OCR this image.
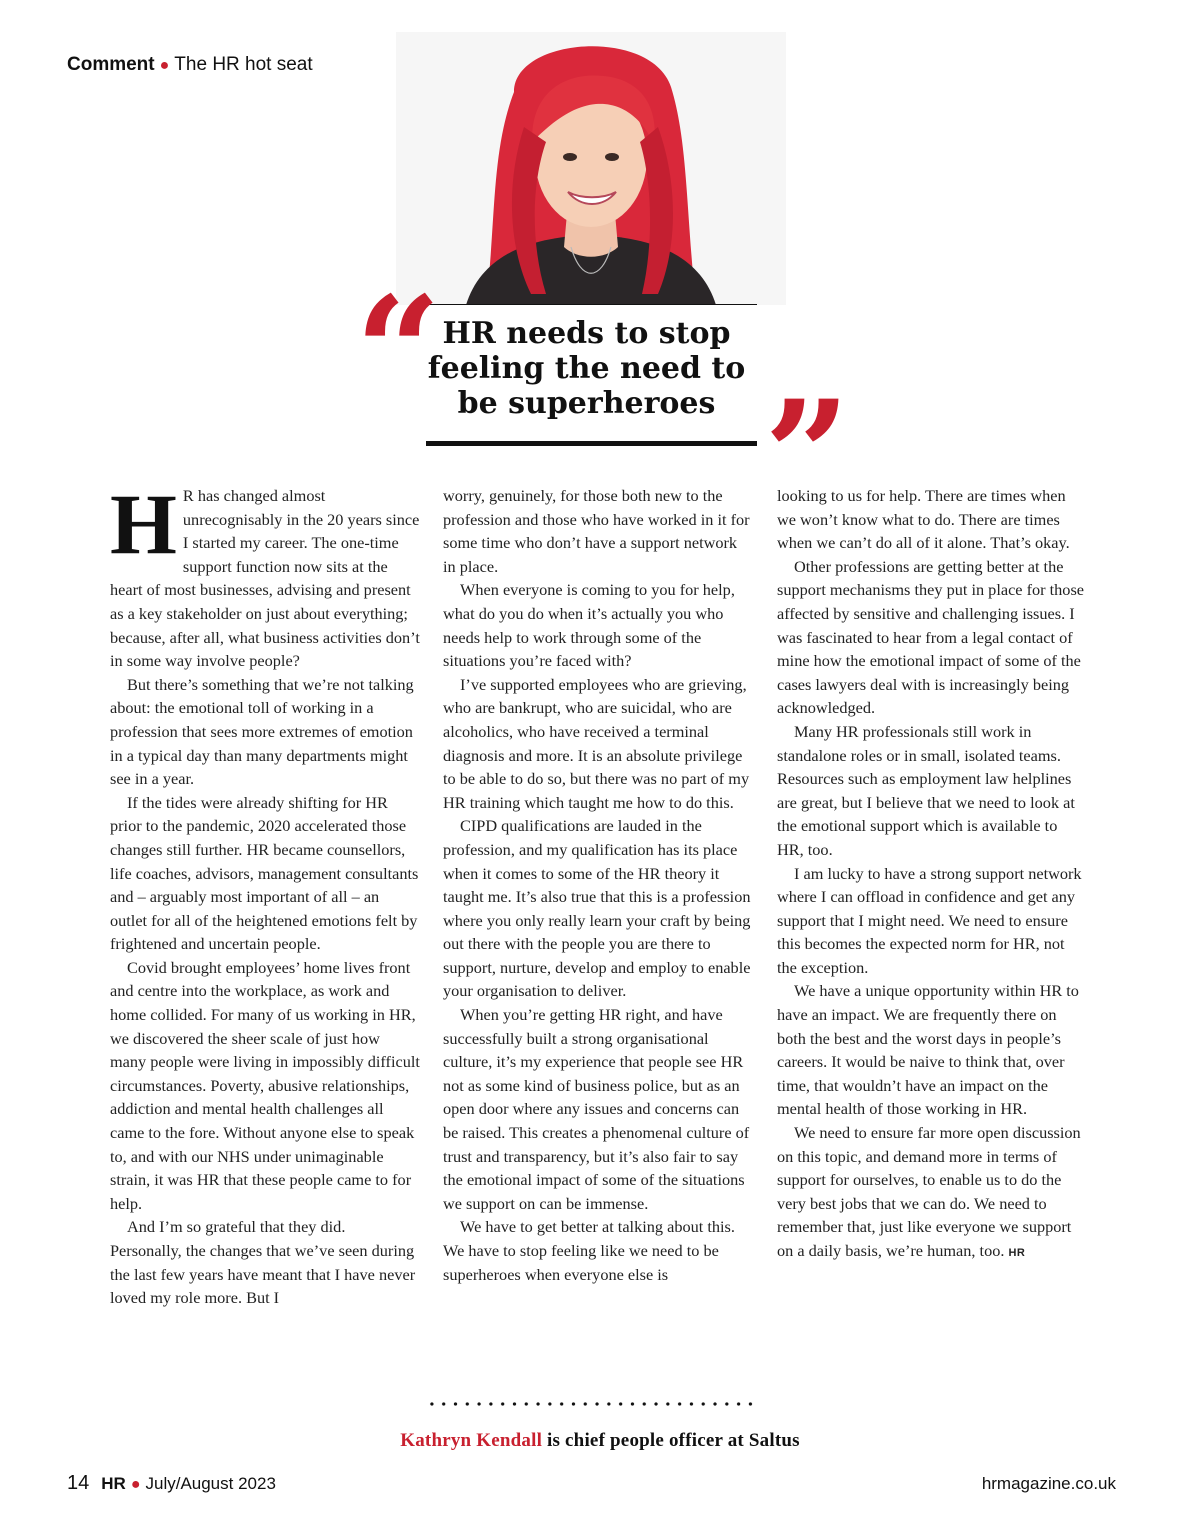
Comment ● The HR hot seat
“ HR needs to stop
feeling the need to
be superheroes ”

H R has changed almost unrecognisably in the 20 years since I started my career. The one-time support function now sits at the heart of most businesses, advising and present as a key stakeholder on just about everything; because, after all, what business activities don’t in some way involve people?

But there’s something that we’re not talking about: the emotional toll of working in a profession that sees more extremes of emotion in a typical day than many departments might see in a year.

If the tides were already shifting for HR prior to the pandemic, 2020 accelerated those changes still further. HR became counsellors, life coaches, advisors, management consultants and – arguably most important of all – an outlet for all of the heightened emotions felt by frightened and uncertain people.

Covid brought employees’ home lives front and centre into the workplace, as work and home collided. For many of us working in HR, we discovered the sheer scale of just how many people were living in impossibly difficult circumstances. Poverty, abusive relationships, addiction and mental health challenges all came to the fore. Without anyone else to speak to, and with our NHS under unimaginable strain, it was HR that these people came to for help.

And I’m so grateful that they did. Personally, the changes that we’ve seen during the last few years have meant that I have never loved my role more. But I

worry, genuinely, for those both new to the profession and those who have worked in it for some time who don’t have a support network in place.

When everyone is coming to you for help, what do you do when it’s actually you who needs help to work through some of the situations you’re faced with?

I’ve supported employees who are grieving, who are bankrupt, who are suicidal, who are alcoholics, who have received a terminal diagnosis and more. It is an absolute privilege to be able to do so, but there was no part of my HR training which taught me how to do this.

CIPD qualifications are lauded in the profession, and my qualification has its place when it comes to some of the HR theory it taught me. It’s also true that this is a profession where you only really learn your craft by being out there with the people you are there to support, nurture, develop and employ to enable your organisation to deliver.

When you’re getting HR right, and have successfully built a strong organisational culture, it’s my experience that people see HR not as some kind of business police, but as an open door where any issues and concerns can be raised. This creates a phenomenal culture of trust and transparency, but it’s also fair to say the emotional impact of some of the situations we support on can be immense.

We have to get better at talking about this. We have to stop feeling like we need to be superheroes when everyone else is

looking to us for help. There are times when we won’t know what to do. There are times when we can’t do all of it alone. That’s okay.

Other professions are getting better at the support mechanisms they put in place for those affected by sensitive and challenging issues. I was fascinated to hear from a legal contact of mine how the emotional impact of some of the cases lawyers deal with is increasingly being acknowledged.

Many HR professionals still work in standalone roles or in small, isolated teams. Resources such as employment law helplines are great, but I believe that we need to look at the emotional support which is available to HR, too.

I am lucky to have a strong support network where I can offload in confidence and get any support that I might need. We need to ensure this becomes the expected norm for HR, not the exception.

We have a unique opportunity within HR to have an impact. We are frequently there on both the best and the worst days in people’s careers. It would be naive to think that, over time, that wouldn’t have an impact on the mental health of those working in HR.

We need to ensure far more open discussion on this topic, and demand more in terms of support for ourselves, to enable us to do the very best jobs that we can do. We need to remember that, just like everyone we support on a daily basis, we’re human, too. HR

Kathryn Kendall is chief people officer at Saltus
14 HR ● July/August 2023	hrmagazine.co.uk
